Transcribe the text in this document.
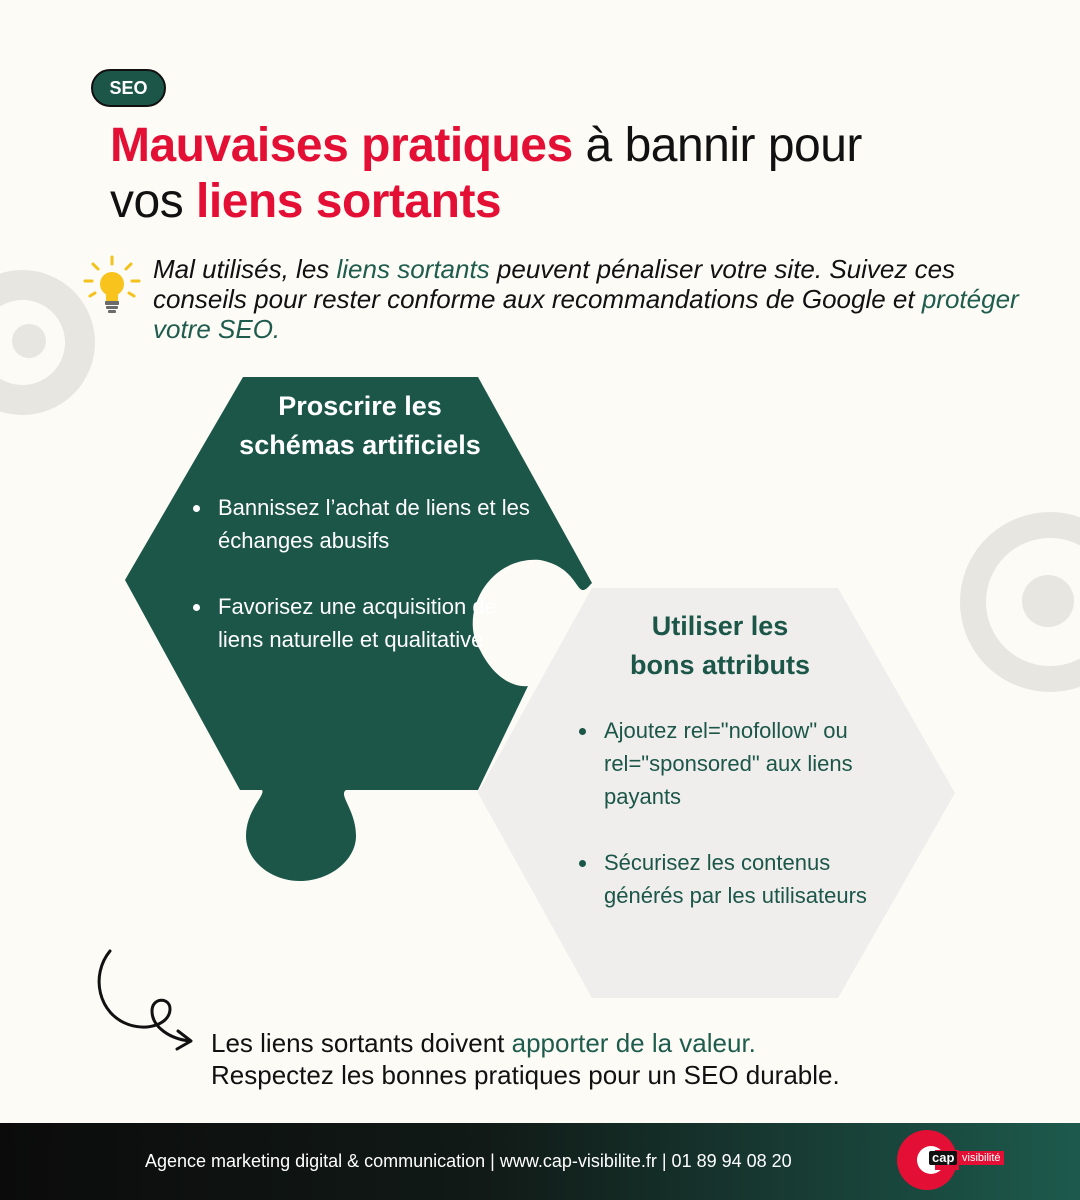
SEO
Mauvaises pratiques à bannir pour
vos liens sortants
Mal utilisés, les liens sortants peuvent pénaliser votre site. Suivez ces conseils pour rester conforme aux recommandations de Google et protéger votre SEO.
Proscrire les
schémas artificiels
Bannissez l’achat de liens et les échanges abusifs
Favorisez une acquisition de liens naturelle et qualitative	Utiliser les
bons attributs
Ajoutez rel="nofollow" ou rel="sponsored" aux liens payants
Sécurisez les contenus générés par les utilisateurs
Les liens sortants doivent apporter de la valeur.
Respectez les bonnes pratiques pour un SEO durable.
Agence marketing digital & communication | www.cap-visibilite.fr | 01 89 94 08 20	cap visibilité
